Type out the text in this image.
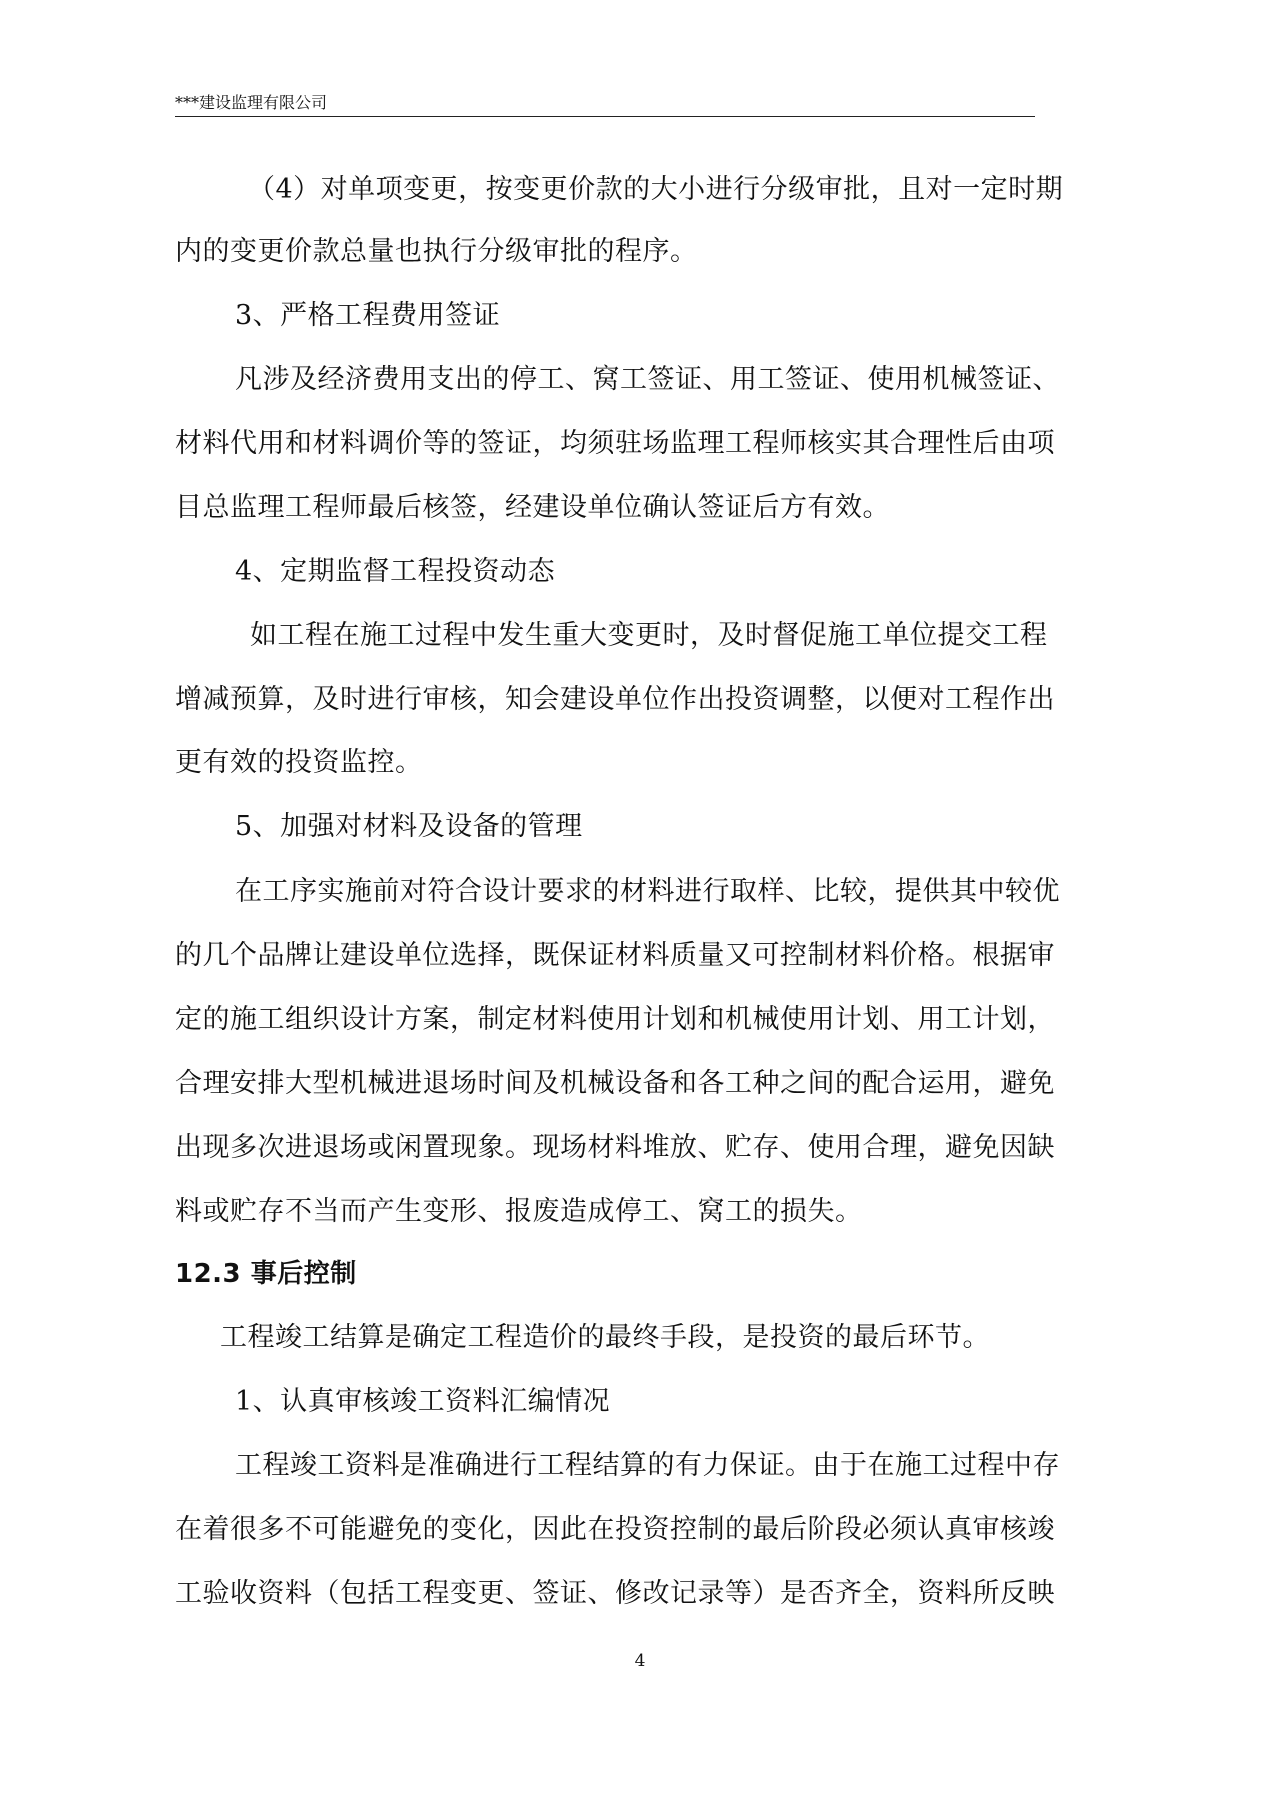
***建设监理有限公司
（4）对单项变更，按变更价款的大小进行分级审批，且对一定时期
内的变更价款总量也执行分级审批的程序。
3、严格工程费用签证
凡涉及经济费用支出的停工、窝工签证、用工签证、使用机械签证、
材料代用和材料调价等的签证，均须驻场监理工程师核实其合理性后由项
目总监理工程师最后核签，经建设单位确认签证后方有效。
4、定期监督工程投资动态
如工程在施工过程中发生重大变更时，及时督促施工单位提交工程
增减预算，及时进行审核，知会建设单位作出投资调整，以便对工程作出
更有效的投资监控。
5、加强对材料及设备的管理
在工序实施前对符合设计要求的材料进行取样、比较，提供其中较优
的几个品牌让建设单位选择，既保证材料质量又可控制材料价格。根据审
定的施工组织设计方案，制定材料使用计划和机械使用计划、用工计划，
合理安排大型机械进退场时间及机械设备和各工种之间的配合运用，避免
出现多次进退场或闲置现象。现场材料堆放、贮存、使用合理，避免因缺
料或贮存不当而产生变形、报废造成停工、窝工的损失。
12.3 事后控制
工程竣工结算是确定工程造价的最终手段，是投资的最后环节。
1、认真审核竣工资料汇编情况
工程竣工资料是准确进行工程结算的有力保证。由于在施工过程中存
在着很多不可能避免的变化，因此在投资控制的最后阶段必须认真审核竣
工验收资料（包括工程变更、签证、修改记录等）是否齐全，资料所反映
4
